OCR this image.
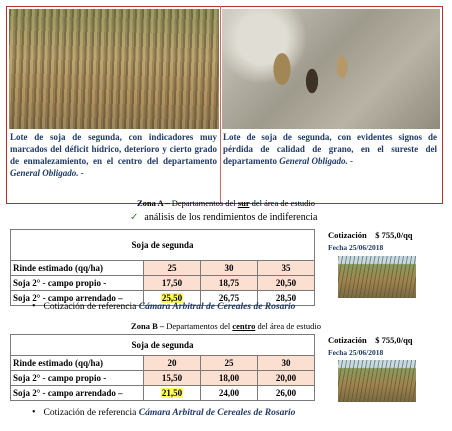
Lote de soja de segunda, con indicadores muy marcados del déficit hídrico, deterioro y cierto grado de enmalezamiento, en el centro del departamento General Obligado. -
Lote de soja de segunda, con evidentes signos de pérdida de calidad de grano, en el sureste del departamento General Obligado. -
Zona A – Departamentos del sur del área de estudio
✓ análisis de los rendimientos de indiferencia
Soja de segunda			
Rinde estimado (qq/ha)	25	30	35
Soja 2° - campo propio -	17,50	18,75	20,50
Soja 2° - campo arrendado –	25,50	26,75	28,50
Cotización $ 755,0/qq
Fecha 25/06/2018
• Cotización de referencia Cámara Arbitral de Cereales de Rosario
Zona B – Departamentos del centro del área de estudio
Soja de segunda			
Rinde estimado (qq/ha)	20	25	30
Soja 2° - campo propio -	15,50	18,00	20,00
Soja 2° - campo arrendado –	21,50	24,00	26,00
Cotización $ 755,0/qq
Fecha 25/06/2018
• Cotización de referencia Cámara Arbitral de Cereales de Rosario
